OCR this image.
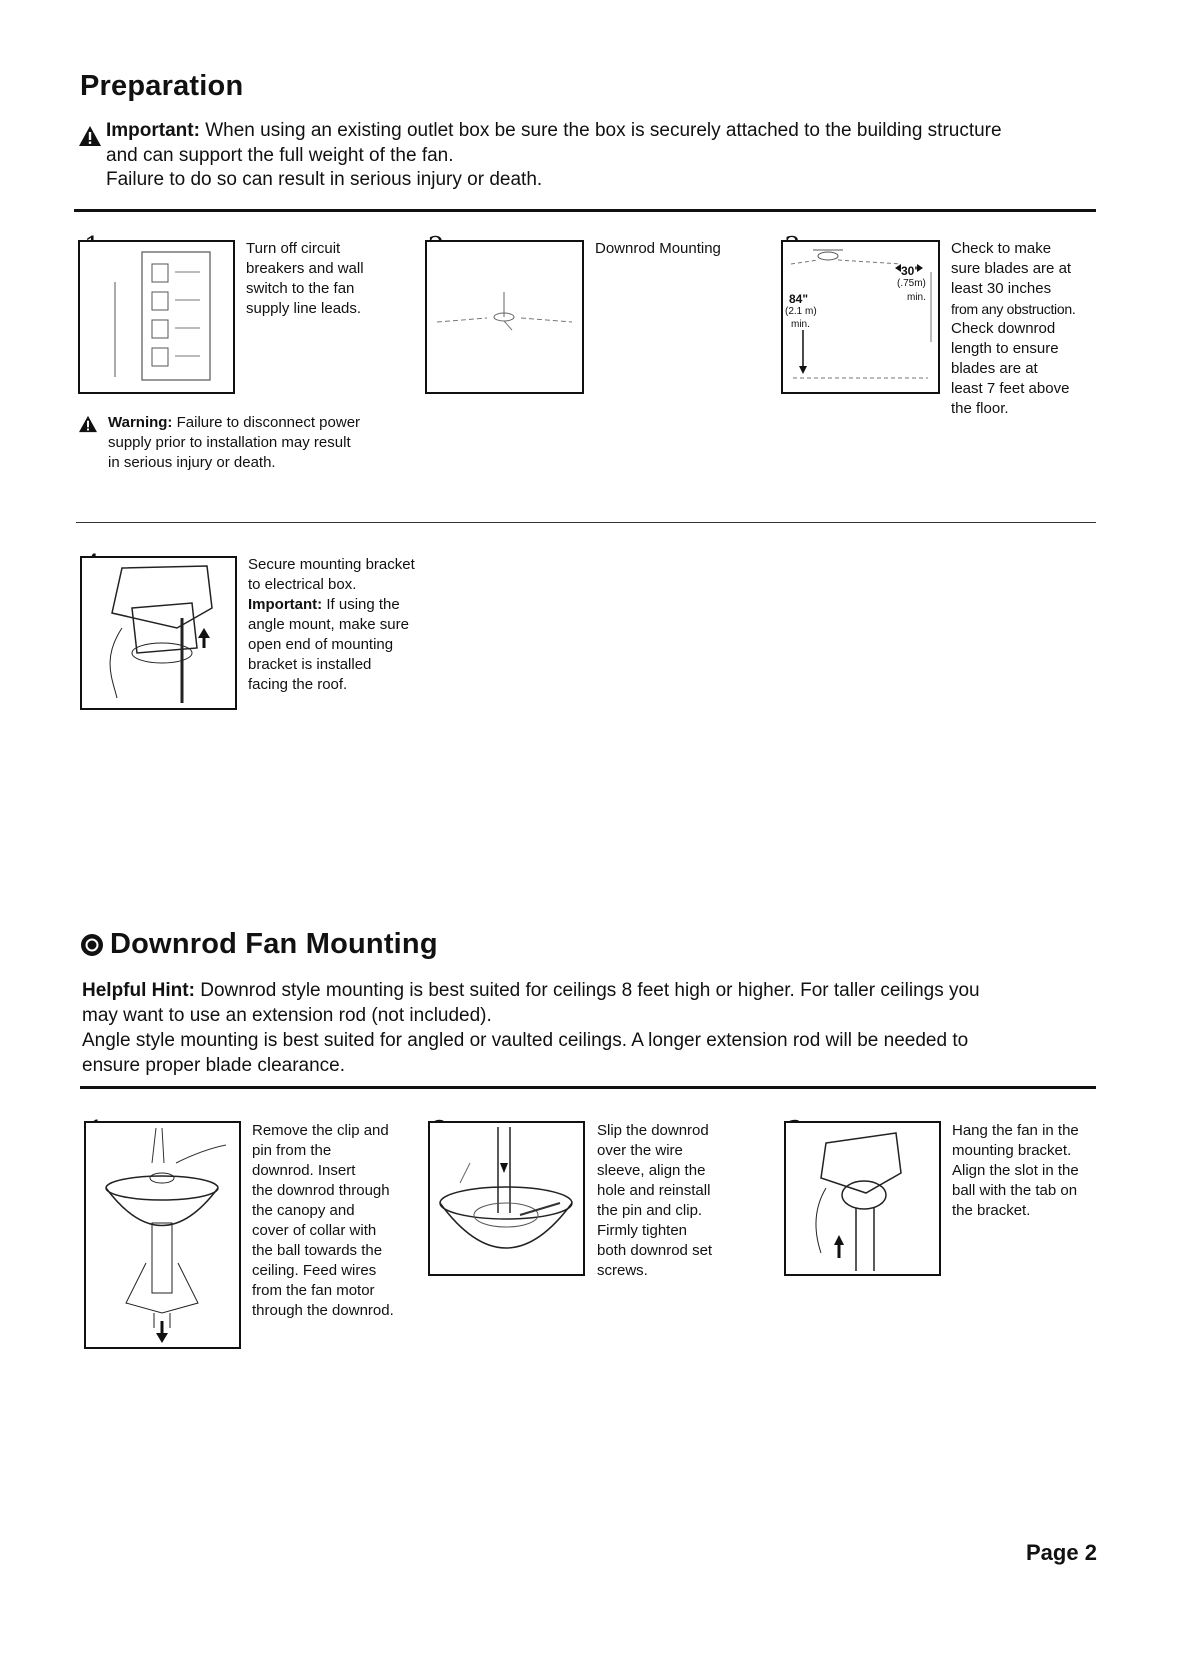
Preparation
Important: When using an existing outlet box be sure the box is securely attached to the building structure
and can support the full weight of the fan.
Failure to do so can result in serious injury or death.
Turn off circuit
breakers and wall
switch to the fan
supply line leads.
Downrod Mounting
30"
(.75m)
min.
84"
(2.1 m)
min.
Check to make
sure blades are at
least 30 inches
from any obstruction.
Check downrod
length to ensure
blades are at
least 7 feet above
the floor.
Warning: Failure to disconnect power
supply prior to installation may result
in serious injury or death.
Secure mounting bracket
to electrical box.
Important: If using the
angle mount, make sure
open end of mounting
bracket is installed
facing the roof.
Downrod Fan Mounting
Helpful Hint: Downrod style mounting is best suited for ceilings 8 feet high or higher. For taller ceilings you
may want to use an extension rod (not included).
Angle style mounting is best suited for angled or vaulted ceilings. A longer extension rod will be needed to
ensure proper blade clearance.
Remove the clip and
pin from the
downrod. Insert
the downrod through
the canopy and
cover of collar with
the ball towards the
ceiling. Feed wires
from the fan motor
through the downrod.
Slip the downrod
over the wire
sleeve, align the
hole and reinstall
the pin and clip.
Firmly tighten
both downrod set
screws.
Hang the fan in the
mounting bracket.
Align the slot in the
ball with the tab on
the bracket.
Page 2
